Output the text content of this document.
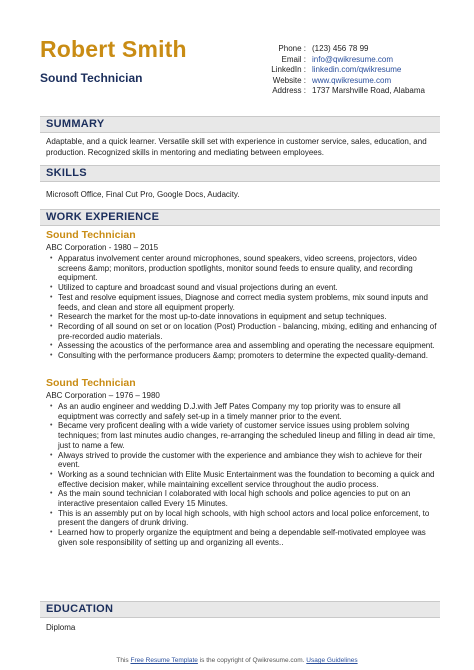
Robert Smith
Sound Technician
Phone : (123) 456 78 99
Email : info@qwikresume.com
LinkedIn : linkedin.com/qwikresume
Website : www.qwikresume.com
Address : 1737 Marshville Road, Alabama
SUMMARY
Adaptable, and a quick learner. Versatile skill set with experience in customer service, sales, education, and production. Recognized skills in mentoring and mediating between employees.
SKILLS
Microsoft Office, Final Cut Pro, Google Docs, Audacity.
WORK EXPERIENCE
Sound Technician
ABC Corporation - 1980 – 2015
• Apparatus involvement center around microphones, sound speakers, video screens, projectors, video screens &amp; monitors, production spotlights, monitor sound feeds to ensure quality, and recording equipment.
• Utilized to capture and broadcast sound and visual projections during an event.
• Test and resolve equipment issues, Diagnose and correct media system problems, mix sound inputs and feeds, and clean and store all equipment properly.
• Research the market for the most up-to-date innovations in equipment and setup techniques.
• Recording of all sound on set or on location (Post) Production - balancing, mixing, editing and enhancing of pre-recorded audio materials.
• Assessing the acoustics of the performance area and assembling and operating the necessare equipment.
• Consulting with the performance producers &amp; promoters to determine the expected quality-demand.
Sound Technician
ABC Corporation – 1976 – 1980
• As an audio engineer and wedding D.J.with Jeff Pates Company my top priority was to ensure all equiptment was correctly and safely set-up in a timely manner prior to the event.
• Became very proficent dealing with a wide variety of customer service issues using problem solving techniques; from last minutes audio changes, re-arranging the scheduled lineup and filling in dead air time, just to name a few.
• Always strived to provide the customer with the experience and ambiance they wish to achieve for their event.
• Working as a sound technician with Elite Music Entertainment was the foundation to becoming a quick and effective decision maker, while maintaining excellent service throughout the audio process.
• As the main sound technician I colaborated with local high schools and police agencies to put on an interactive presentaion called Every 15 Minutes.
• This is an assembly put on by local high schools, with high school actors and local police enforcement, to present the dangers of drunk driving.
• Learned how to properly organize the equiptment and being a dependable self-motivated employee was given sole responsibility of setting up and organizing all events..
EDUCATION
Diploma
This Free Resume Template is the copyright of Qwikresume.com. Usage Guidelines
